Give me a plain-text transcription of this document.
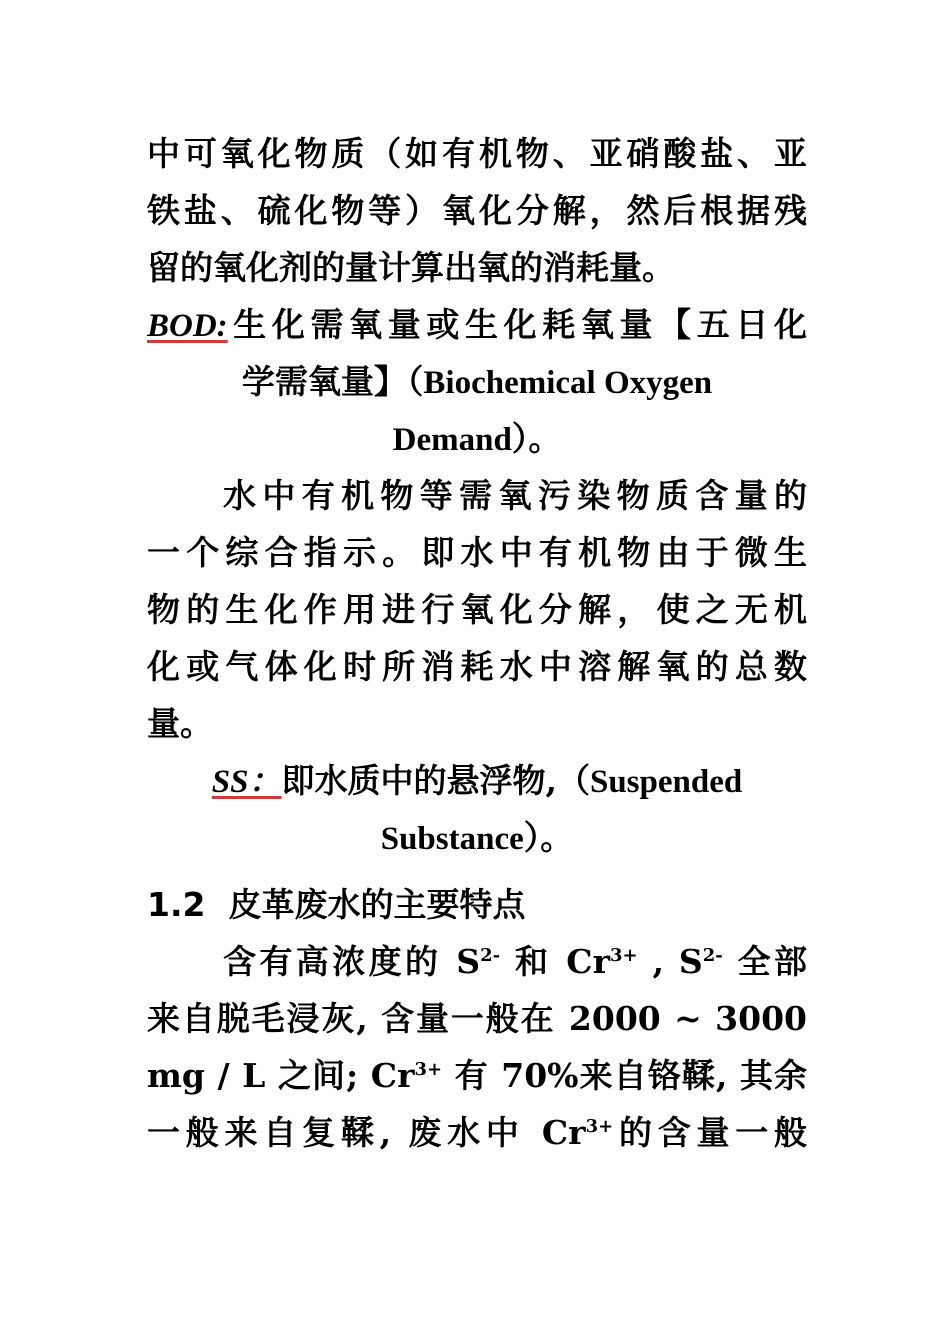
中可氧化物质（如有机物、亚硝酸盐、亚
铁盐、硫化物等）氧化分解，然后根据残
留的氧化剂的量计算出氧的消耗量。
BOD:生化需氧量或生化耗氧量【五日化
学需氧量】（Biochemical Oxygen
Demand）。
水中有机物等需氧污染物质含量的
一个综合指示。即水中有机物由于微生
物的生化作用进行氧化分解，使之无机
化或气体化时所消耗水中溶解氧的总数
量。
SS：即水质中的悬浮物,（Suspended
Substance）。
1.2 皮革废水的主要特点
含有高浓度的 $S^{2-}$ 和 $Cr^{3+}$ , $S^{2-}$ 全部
来自脱毛浸灰, 含量一般在 2000 ~ 3000
mg / L 之间; $Cr^{3+}$ 有 70%来自铬鞣, 其余
一般来自复鞣, 废水中 $Cr^{3+}$的含量一般
